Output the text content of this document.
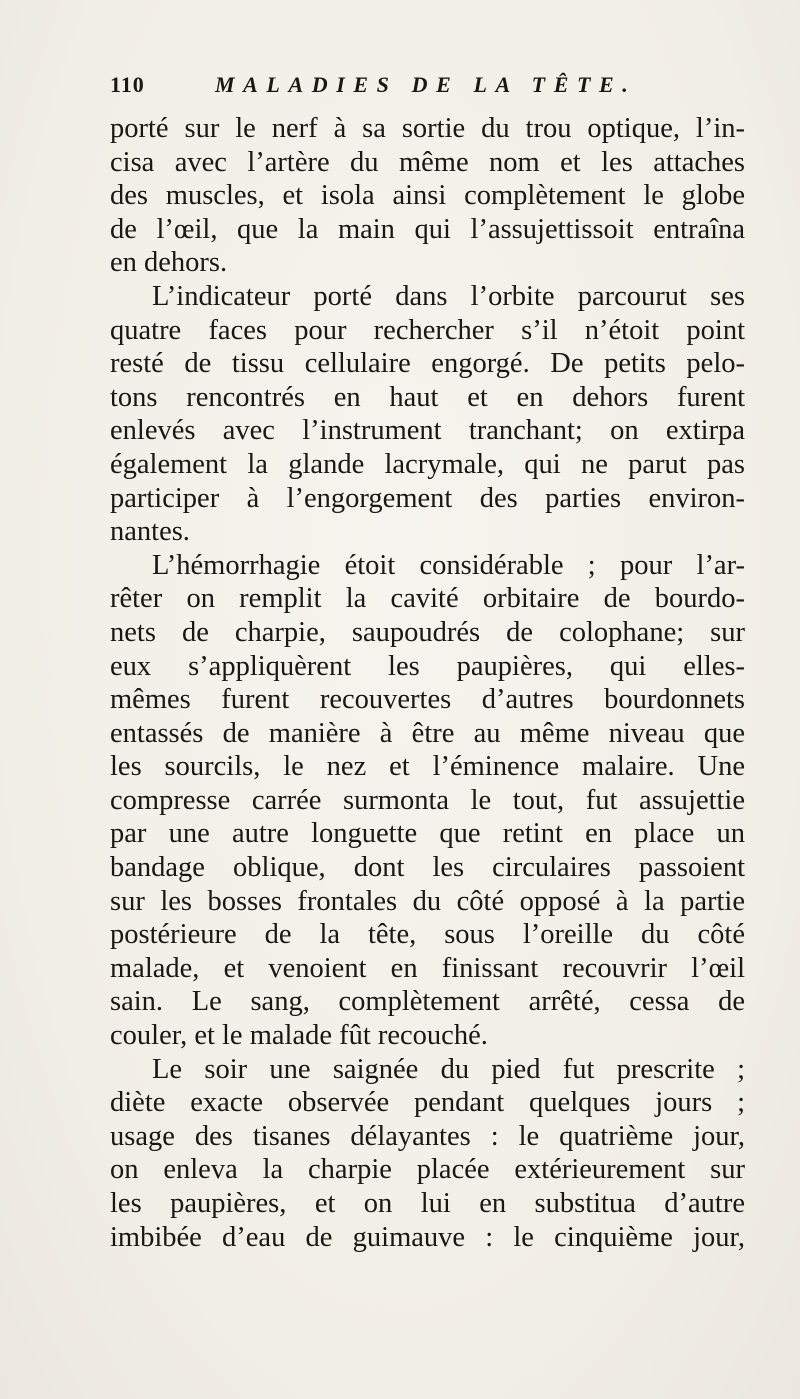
110	MALADIES DE LA TÊTE.
porté sur le nerf à sa sortie du trou optique, l’in-
cisa avec l’artère du même nom et les attaches
des muscles, et isola ainsi complètement le globe
de l’œil, que la main qui l’assujettissoit entraîna
en dehors.
L’indicateur porté dans l’orbite parcourut ses
quatre faces pour rechercher s’il n’étoit point
resté de tissu cellulaire engorgé. De petits pelo-
tons rencontrés en haut et en dehors furent
enlevés avec l’instrument tranchant; on extirpa
également la glande lacrymale, qui ne parut pas
participer à l’engorgement des parties environ-
nantes.
L’hémorrhagie étoit considérable ; pour l’ar-
rêter on remplit la cavité orbitaire de bourdo-
nets de charpie, saupoudrés de colophane; sur
eux s’appliquèrent les paupières, qui elles-
mêmes furent recouvertes d’autres bourdonnets
entassés de manière à être au même niveau que
les sourcils, le nez et l’éminence malaire. Une
compresse carrée surmonta le tout, fut assujettie
par une autre longuette que retint en place un
bandage oblique, dont les circulaires passoient
sur les bosses frontales du côté opposé à la partie
postérieure de la tête, sous l’oreille du côté
malade, et venoient en finissant recouvrir l’œil
sain. Le sang, complètement arrêté, cessa de
couler, et le malade fût recouché.
Le soir une saignée du pied fut prescrite ;
diète exacte observée pendant quelques jours ;
usage des tisanes délayantes : le quatrième jour,
on enleva la charpie placée extérieurement sur
les paupières, et on lui en substitua d’autre
imbibée d’eau de guimauve : le cinquième jour,
